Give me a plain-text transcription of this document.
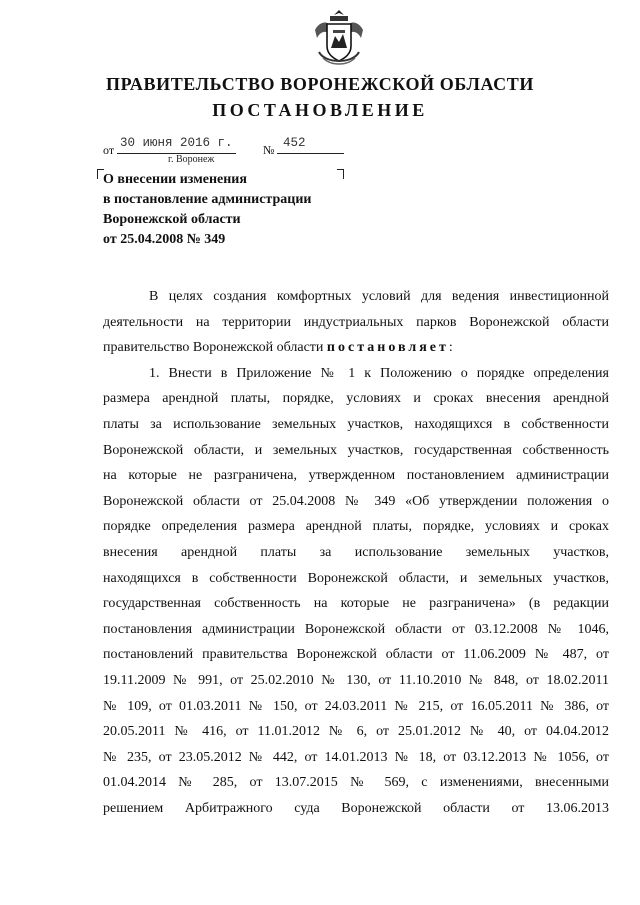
ПРАВИТЕЛЬСТВО ВОРОНЕЖСКОЙ ОБЛАСТИ
ПОСТАНОВЛЕНИЕ
от 30 июня 2016 г.	№ 452
г. Воронеж
О внесении изменения
в постановление администрации
Воронежской области
от 25.04.2008 № 349
В целях создания комфортных условий для ведения инвестиционной
деятельности на территории индустриальных парков Воронежской области
правительство Воронежской области постановляет:
1. Внести в Приложение № 1 к Положению о порядке определения
размера арендной платы, порядке, условиях и сроках внесения арендной
платы за использование земельных участков, находящихся в собственности
Воронежской области, и земельных участков, государственная собственность
на которые не разграничена, утвержденном постановлением администрации
Воронежской области от 25.04.2008 № 349 «Об утверждении положения о
порядке определения размера арендной платы, порядке, условиях и сроках
внесения арендной платы за использование земельных участков,
находящихся в собственности Воронежской области, и земельных участков,
государственная собственность на которые не разграничена» (в редакции
постановления администрации Воронежской области от 03.12.2008 № 1046,
постановлений правительства Воронежской области от 11.06.2009 № 487, от
19.11.2009 № 991, от 25.02.2010 № 130, от 11.10.2010 № 848, от 18.02.2011
№ 109, от 01.03.2011 № 150, от 24.03.2011 № 215, от 16.05.2011 № 386, от
20.05.2011 № 416, от 11.01.2012 № 6, от 25.01.2012 № 40, от 04.04.2012
№ 235, от 23.05.2012 № 442, от 14.01.2013 № 18, от 03.12.2013 № 1056, от
01.04.2014 № 285, от 13.07.2015 № 569, с изменениями, внесенными
решением Арбитражного суда Воронежской области от 13.06.2013
